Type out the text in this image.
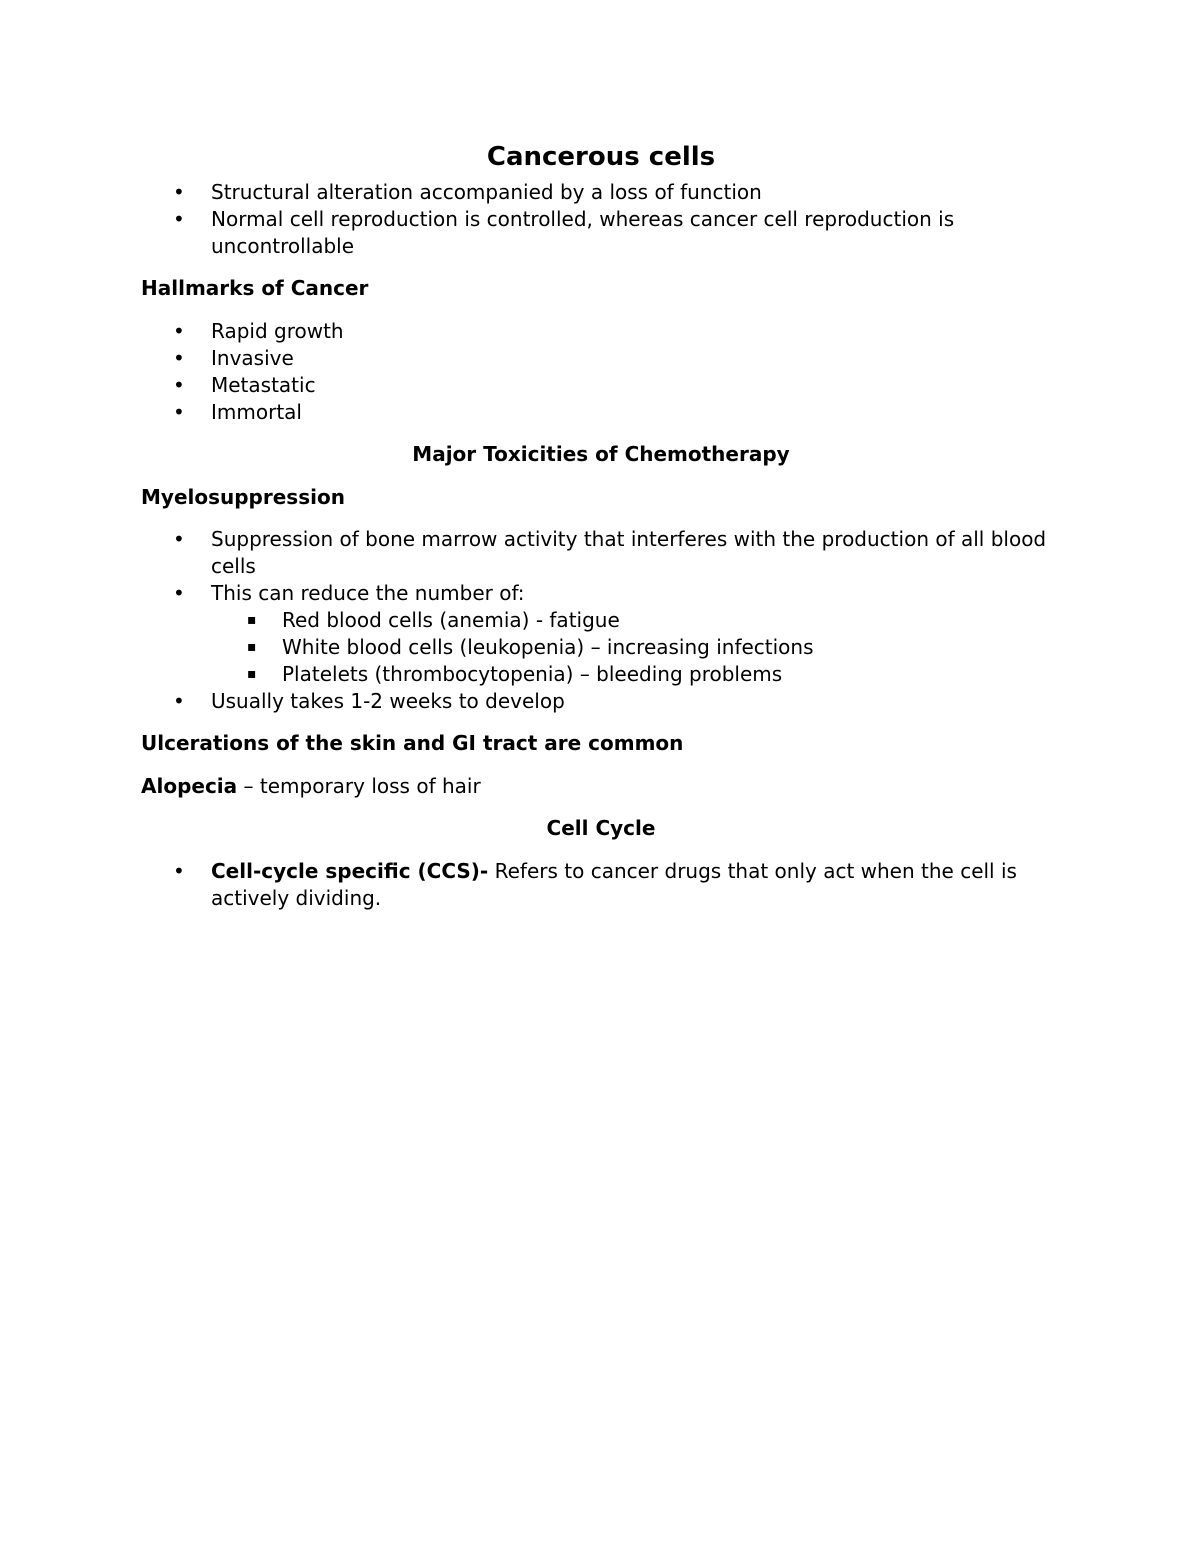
Cancerous cells
• Structural alteration accompanied by a loss of function
• Normal cell reproduction is controlled, whereas cancer cell reproduction is uncontrollable
Hallmarks of Cancer
• Rapid growth
• Invasive
• Metastatic
• Immortal
Major Toxicities of Chemotherapy
Myelosuppression
• Suppression of bone marrow activity that interferes with the production of all blood cells
• This can reduce the number of:
▪ Red blood cells (anemia) - fatigue
▪ White blood cells (leukopenia) – increasing infections
▪ Platelets (thrombocytopenia) – bleeding problems
• Usually takes 1-2 weeks to develop
Ulcerations of the skin and GI tract are common
Alopecia – temporary loss of hair
Cell Cycle
• Cell-cycle specific (CCS)- Refers to cancer drugs that only act when the cell is actively dividing.
